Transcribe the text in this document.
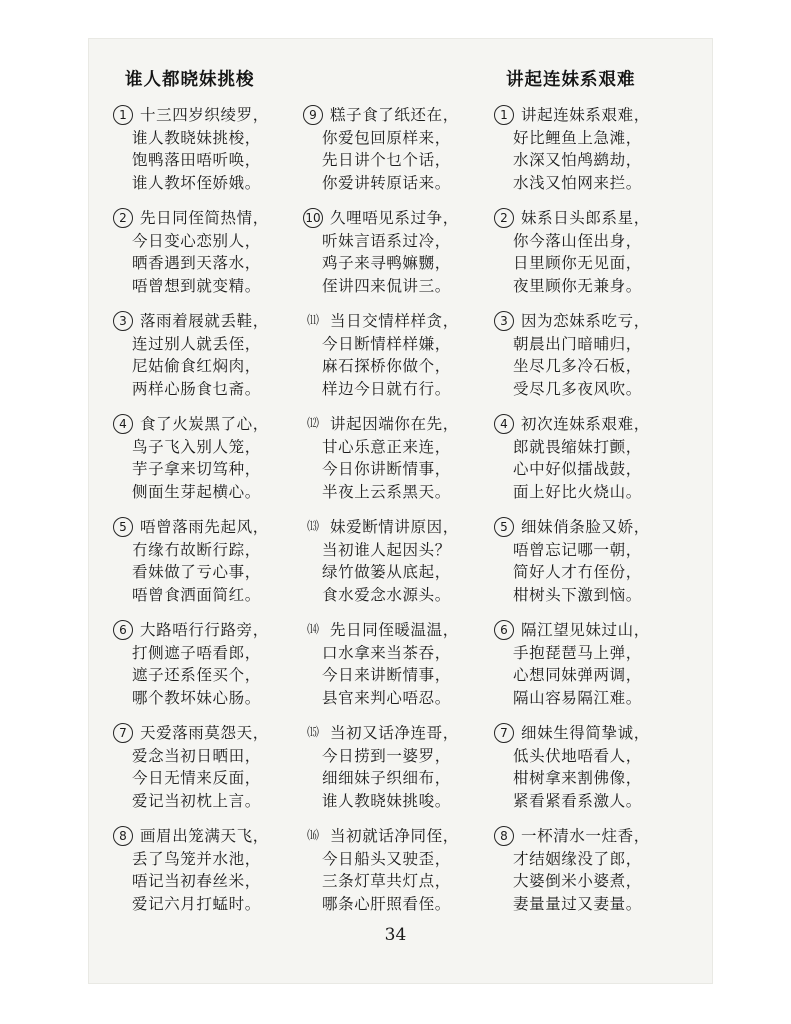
谁人都晓妹挑梭	讲起连妹系艰难
1 十三四岁织绫罗，
谁人教晓妹挑梭，
饱鸭落田唔听唤，
谁人教坏侄娇娥。
2 先日同侄简热情，
今日变心恋别人，
晒香遇到天落水，
唔曾想到就变精。
3 落雨着屐就丢鞋，
连过别人就丢侄，
尼姑偷食红焖肉，
两样心肠食乜斋。
4 食了火炭黑了心，
鸟子飞入别人笼，
芋子拿来切笃种，
侧面生芽起横心。
5 唔曾落雨先起风，
冇缘冇故断行踪，
看妹做了亏心事，
唔曾食洒面简红。
6 大路唔行行路旁，
打侧遮子唔看郎，
遮子还系侄买个，
哪个教坏妹心肠。
7 天爱落雨莫怨天，
爱念当初日晒田，
今日无情来反面，
爱记当初枕上言。
8 画眉出笼满天飞，
丢了鸟笼并水池，
唔记当初春丝米，
爱记六月打蜢时。
9 糕子食了纸还在，
你爱包回原样来，
先日讲个乜个话，
你爱讲转原话来。
10 久哩唔见系过争，
听妹言语系过冷，
鸡子来寻鸭嫲嬲，
侄讲四来侃讲三。
⑾ 当日交情样样贪，
今日断情样样嫌，
麻石探桥你做个，
样边今日就冇行。
⑿ 讲起因端你在先，
甘心乐意正来连，
今日你讲断情事，
半夜上云系黑天。
⒀ 妹爱断情讲原因，
当初谁人起因头？
绿竹做篓从底起，
食水爱念水源头。
⒁ 先日同侄暖温温，
口水拿来当茶吞，
今日来讲断情事，
县官来判心唔忍。
⒂ 当初又话净连哥，
今日捞到一婆罗，
细细妹子织细布，
谁人教晓妹挑唆。
⒃ 当初就话净同侄，
今日船头又驶歪，
三条灯草共灯点，
哪条心肝照看侄。
1 讲起连妹系艰难，
好比鲤鱼上急滩，
水深又怕鸬鹚劫，
水浅又怕网来拦。
2 妹系日头郎系星，
你今落山侄出身，
日里顾你无见面，
夜里顾你无兼身。
3 因为恋妹系吃亏，
朝晨出门暗晡归，
坐尽几多冷石板，
受尽几多夜风吹。
4 初次连妹系艰难，
郎就畏缩妹打颤，
心中好似擂战鼓，
面上好比火烧山。
5 细妹俏条脸又娇，
唔曾忘记哪一朝，
简好人才冇侄份，
柑树头下激到恼。
6 隔江望见妹过山，
手抱琵琶马上弹，
心想同妹弹两调，
隔山容易隔江难。
7 细妹生得简挚诚，
低头伏地唔看人，
柑树拿来割佛像，
紧看紧看系激人。
8 一杯清水一炷香，
才结姻缘没了郎，
大婆倒米小婆煮，
妻量量过又妻量。
34
